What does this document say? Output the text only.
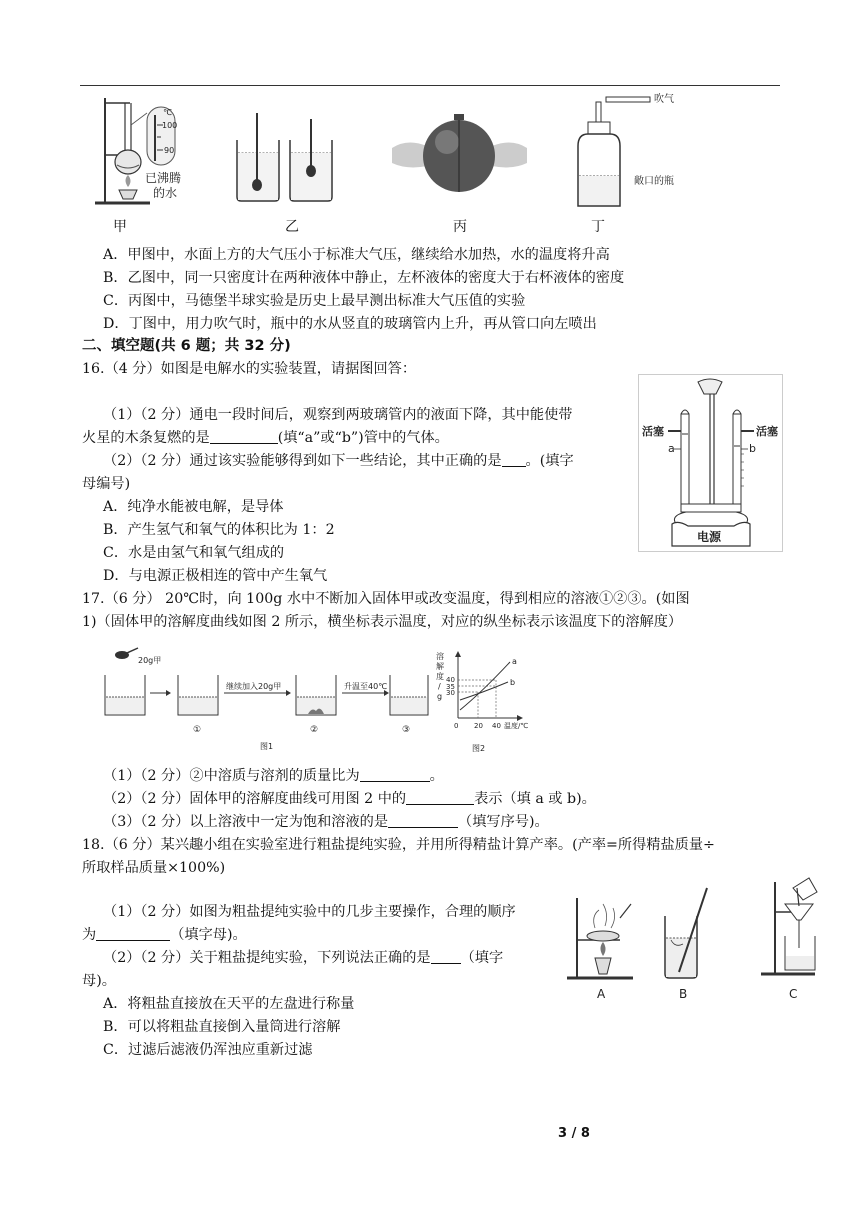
℃
100
90
已沸腾
的水
甲	乙	丙
吹气
敞口的瓶
丁
A．甲图中，水面上方的大气压小于标准大气压，继续给水加热，水的温度将升高
B．乙图中，同一只密度计在两种液体中静止，左杯液体的密度大于右杯液体的密度
C．丙图中，马德堡半球实验是历史上最早测出标准大气压值的实验
D．丁图中，用力吹气时，瓶中的水从竖直的玻璃管内上升，再从管口向左喷出
二、填空题(共 6 题；共 32 分)
16.（4 分）如图是电解水的实验装置，请据图回答：
（1）（2 分）通电一段时间后，观察到两玻璃管内的液面下降，其中能使带
火星的木条复燃的是	(填“a”或“b”)管中的气体。
（2）（2 分）通过该实验能够得到如下一些结论，其中正确的是 。(填字
母编号)
A．纯净水能被电解，是导体
B．产生氢气和氧气的体积比为 1：2
C．水是由氢气和氧气组成的
D．与电源正极相连的管中产生氧气
活塞	活塞
a	b
电源
17.（6 分） 20℃时，向 100g 水中不断加入固体甲或改变温度，得到相应的溶液①②③。(如图
1)（固体甲的溶解度曲线如图 2 所示，横坐标表示温度，对应的纵坐标表示该温度下的溶解度）
20g甲
①
继续加入20g甲
②
升温至40℃
③
图1
溶
解
度
/
g
40
35
30
0 20 40 温度/℃
a
b
图2
（1）（2 分）②中溶质与溶剂的质量比为	。
（2）（2 分）固体甲的溶解度曲线可用图 2 中的	表示（填 a 或 b)。
（3）（2 分）以上溶液中一定为饱和溶液的是	（填写序号)。
18.（6 分）某兴趣小组在实验室进行粗盐提纯实验，并用所得精盐计算产率。(产率=所得精盐质量÷
所取样品质量×100%)
（1）（2 分）如图为粗盐提纯实验中的几步主要操作，合理的顺序
为	（填字母)。
（2）（2 分）关于粗盐提纯实验，下列说法正确的是 （填字
母)。
A．将粗盐直接放在天平的左盘进行称量
B．可以将粗盐直接倒入量筒进行溶解
C．过滤后滤液仍浑浊应重新过滤
A	B	C
3 / 8
